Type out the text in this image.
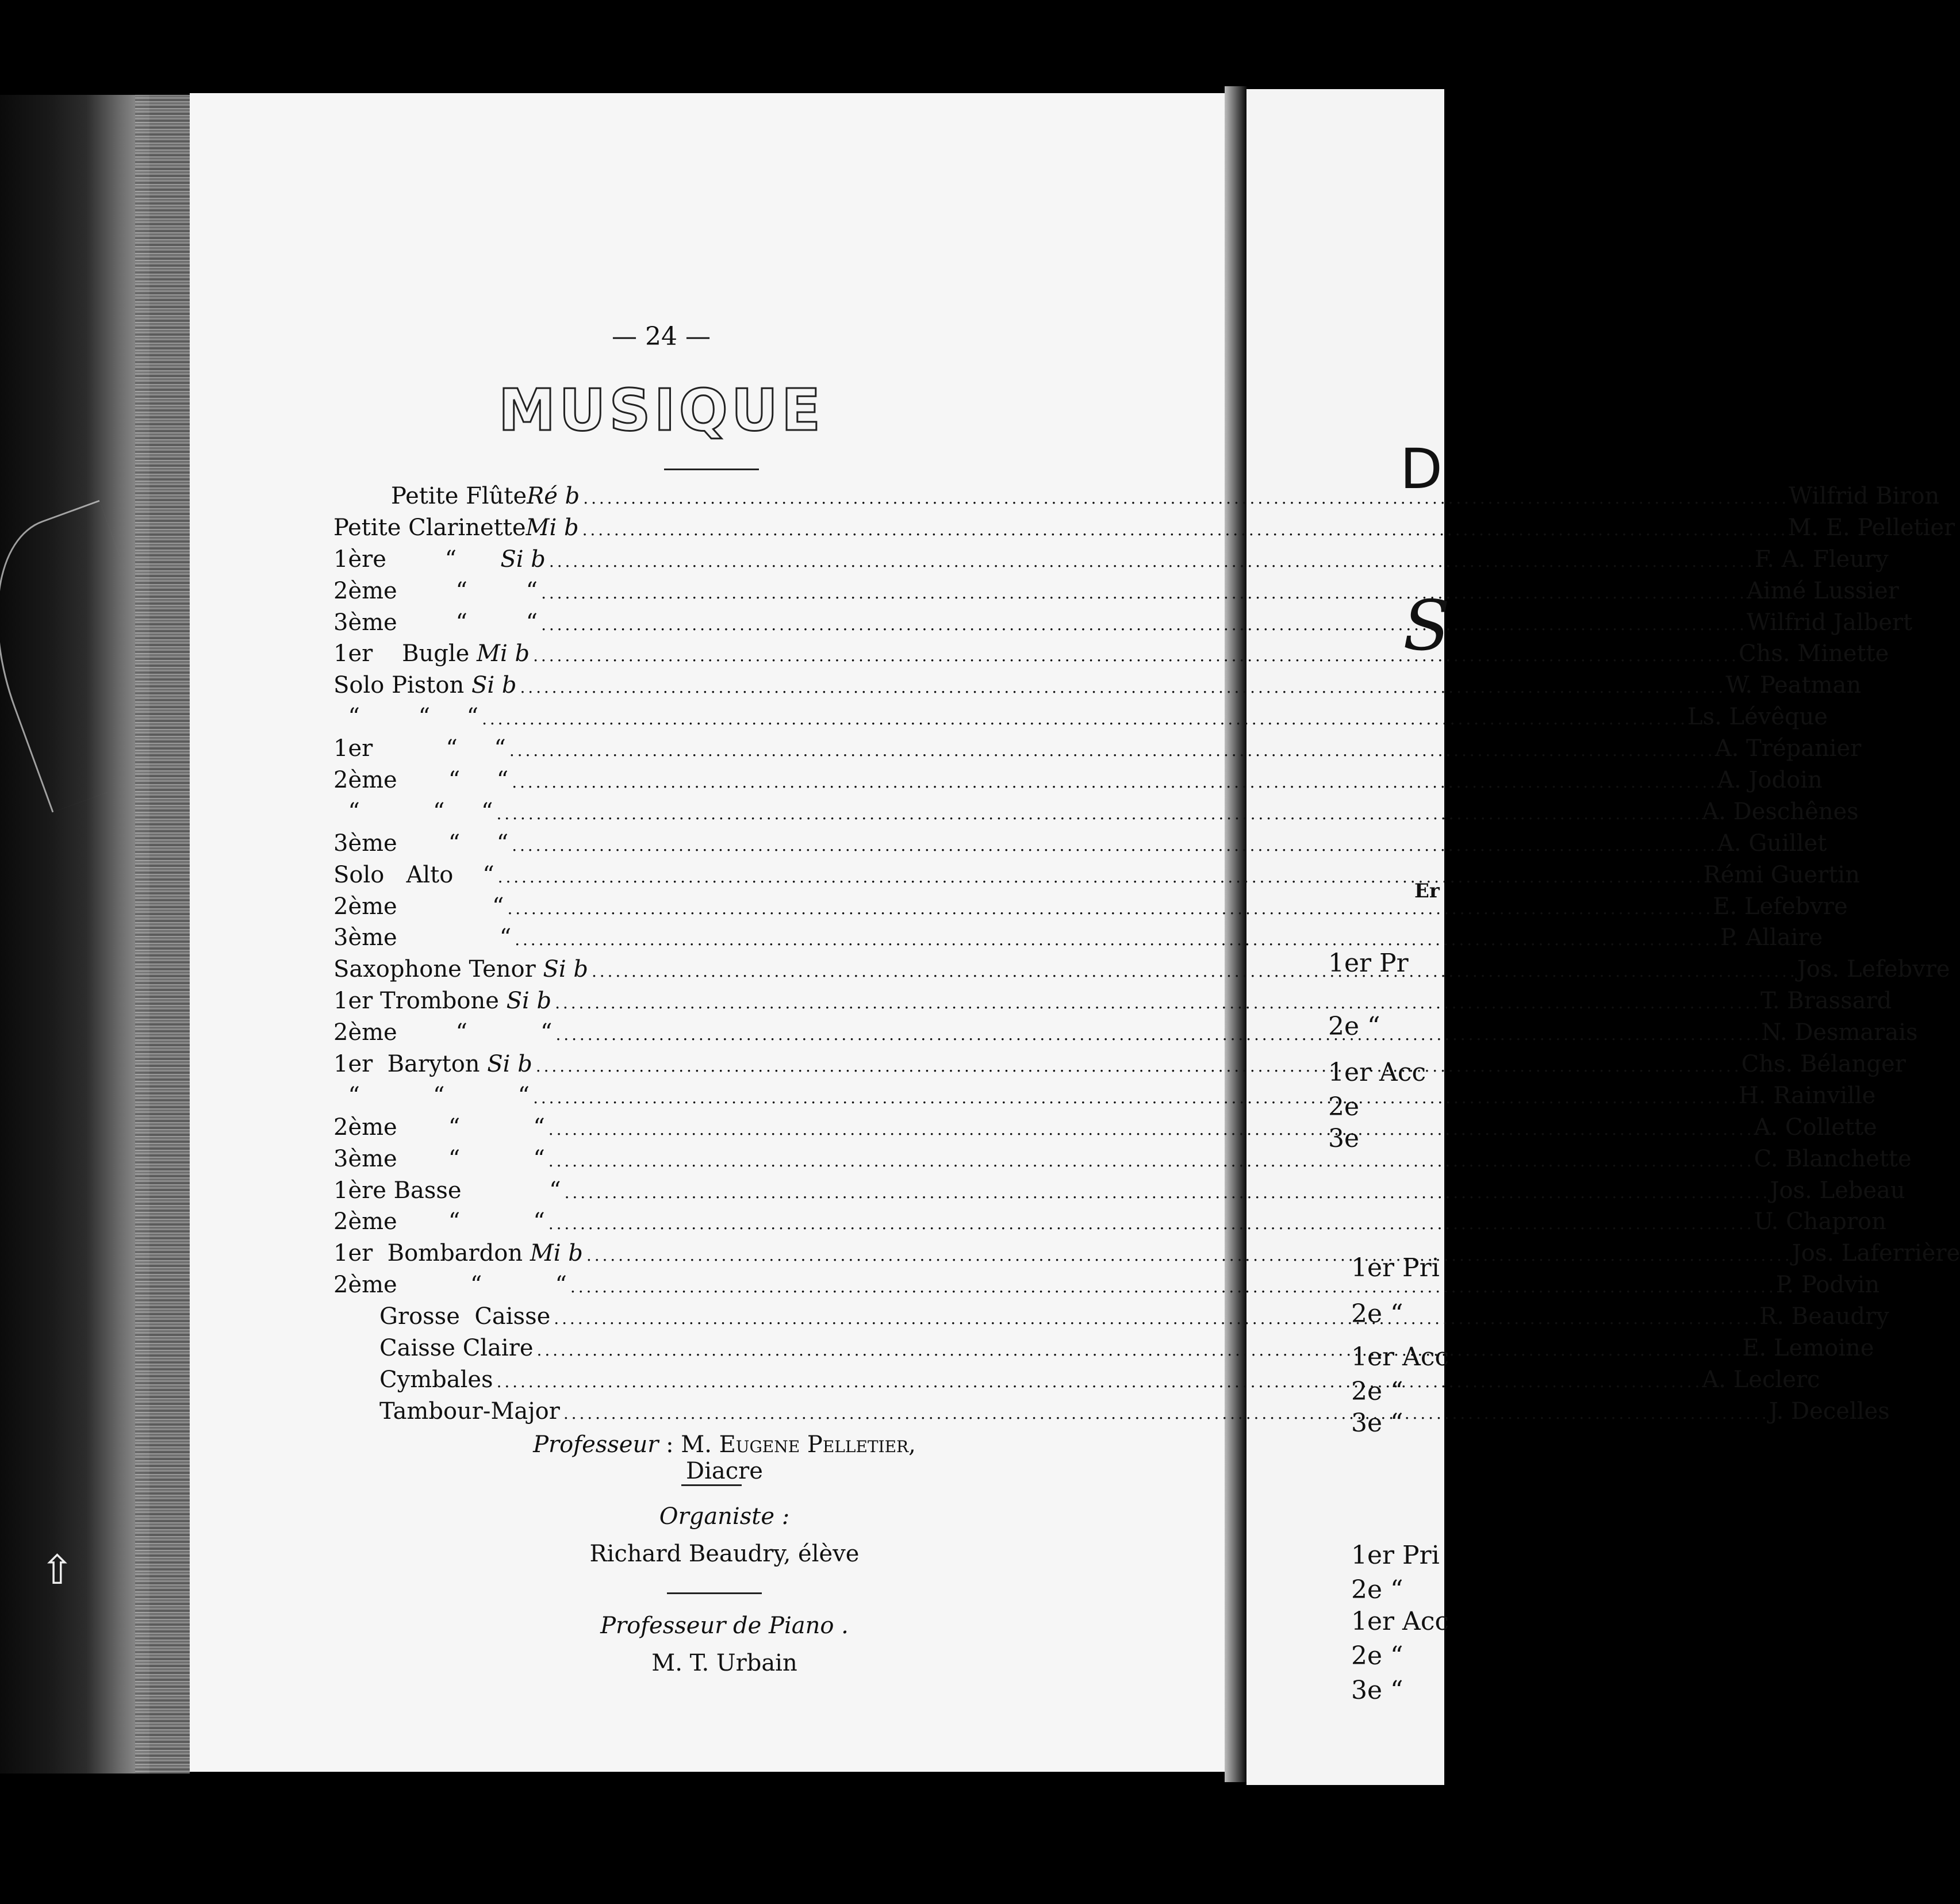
⇧
— 24 —
MUSIQUE
Petite Flûte Ré b . . .	Wilfrid Biron
Petite Clarinette Mi b . . .	M. E. Pelletier
1ère        “ Si b . . .	F. A. Fleury
2ème        “        “ . . .	Aimé Lussier
3ème        “        “ . . .	Wilfrid Jalbert
1er    Bugle Mi b . . .	Chs. Minette
Solo Piston Si b . . .	W. Peatman
“        “     “ . . .	Ls. Lévêque
1er          “     “ . . .	A. Trépanier
2ème       “     “ . . .	A. Jodoin
“          “     “ . . .	A. Deschênes
3ème       “     “ . . .	A. Guillet
Solo   Alto    “ . . .	Rémi Guertin
2ème             “ . . .	E. Lefebvre
3ème              “ . . .	P. Allaire
Saxophone Tenor Si b . . .	Jos. Lefebvre
1er Trombone Si b . . .	T. Brassard
2ème        “          “ . . .	N. Desmarais
1er  Baryton Si b . . .	Chs. Bélanger
“          “          “ . . .	H. Rainville
2ème       “          “ . . .	A. Collette
3ème       “          “ . . .	C. Blanchette
1ère Basse            “ . . .	Jos. Lebeau
2ème       “          “ . . .	U. Chapron
1er  Bombardon Mi b . . .	Jos. Laferrière
2ème          “          “ . . .	P. Podvin
Grosse  Caisse . . .	R. Beaudry
Caisse Claire . . .	E. Lemoine
Cymbales . . .	A. Leclerc
Tambour-Major . . .	J. Decelles
Professeur : M. Eugene Pelletier, Diacre
Organiste :
Richard Beaudry, élève
Professeur de Piano .
M. T. Urbain
D
S
Er
1er Pr
2e “
1er Acc
2e
3e
1er Pri
2e “
1er Acc
2e “
3e “
1er Pri
2e “
1er Acc
2e “
3e “
